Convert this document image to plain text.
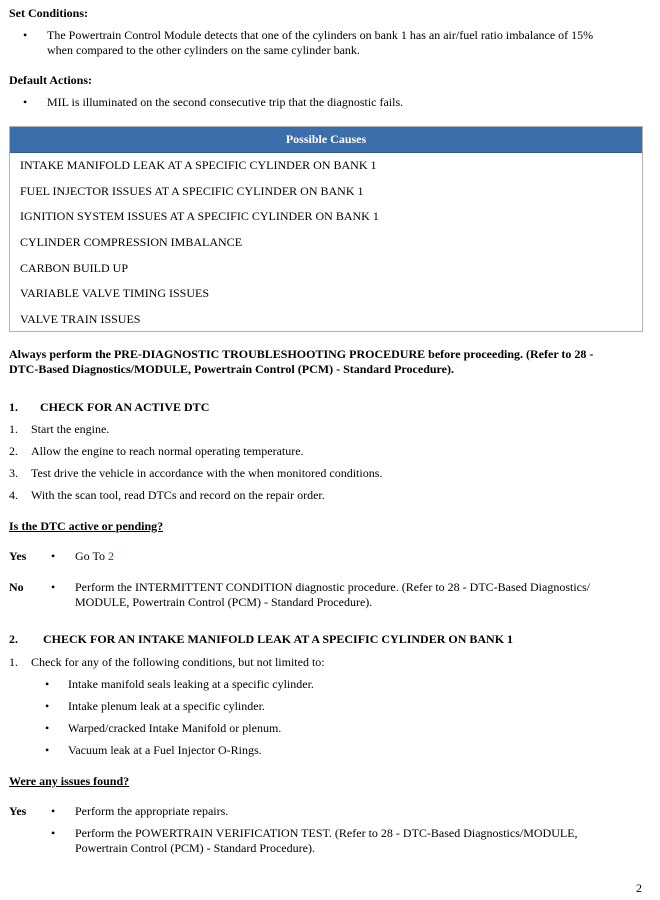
Set Conditions:
• The Powertrain Control Module detects that one of the cylinders on bank 1 has an air/fuel ratio imbalance of 15%
when compared to the other cylinders on the same cylinder bank.
Default Actions:
• MIL is illuminated on the second consecutive trip that the diagnostic fails.
Possible Causes
INTAKE MANIFOLD LEAK AT A SPECIFIC CYLINDER ON BANK 1
FUEL INJECTOR ISSUES AT A SPECIFIC CYLINDER ON BANK 1
IGNITION SYSTEM ISSUES AT A SPECIFIC CYLINDER ON BANK 1
CYLINDER COMPRESSION IMBALANCE
CARBON BUILD UP
VARIABLE VALVE TIMING ISSUES
VALVE TRAIN ISSUES
Always perform the PRE-DIAGNOSTIC TROUBLESHOOTING PROCEDURE before proceeding. (Refer to 28 -
DTC-Based Diagnostics/MODULE, Powertrain Control (PCM) - Standard Procedure).
1. CHECK FOR AN ACTIVE DTC
1. Start the engine.
2. Allow the engine to reach normal operating temperature.
3. Test drive the vehicle in accordance with the when monitored conditions.
4. With the scan tool, read DTCs and record on the repair order.
Is the DTC active or pending?
Yes • Go To 2
No • Perform the INTERMITTENT CONDITION diagnostic procedure. (Refer to 28 - DTC-Based Diagnostics/
MODULE, Powertrain Control (PCM) - Standard Procedure).
2. CHECK FOR AN INTAKE MANIFOLD LEAK AT A SPECIFIC CYLINDER ON BANK 1
1. Check for any of the following conditions, but not limited to:
• Intake manifold seals leaking at a specific cylinder.
• Intake plenum leak at a specific cylinder.
• Warped/cracked Intake Manifold or plenum.
• Vacuum leak at a Fuel Injector O-Rings.
Were any issues found?
Yes • Perform the appropriate repairs.
• Perform the POWERTRAIN VERIFICATION TEST. (Refer to 28 - DTC-Based Diagnostics/MODULE,
Powertrain Control (PCM) - Standard Procedure).
2
